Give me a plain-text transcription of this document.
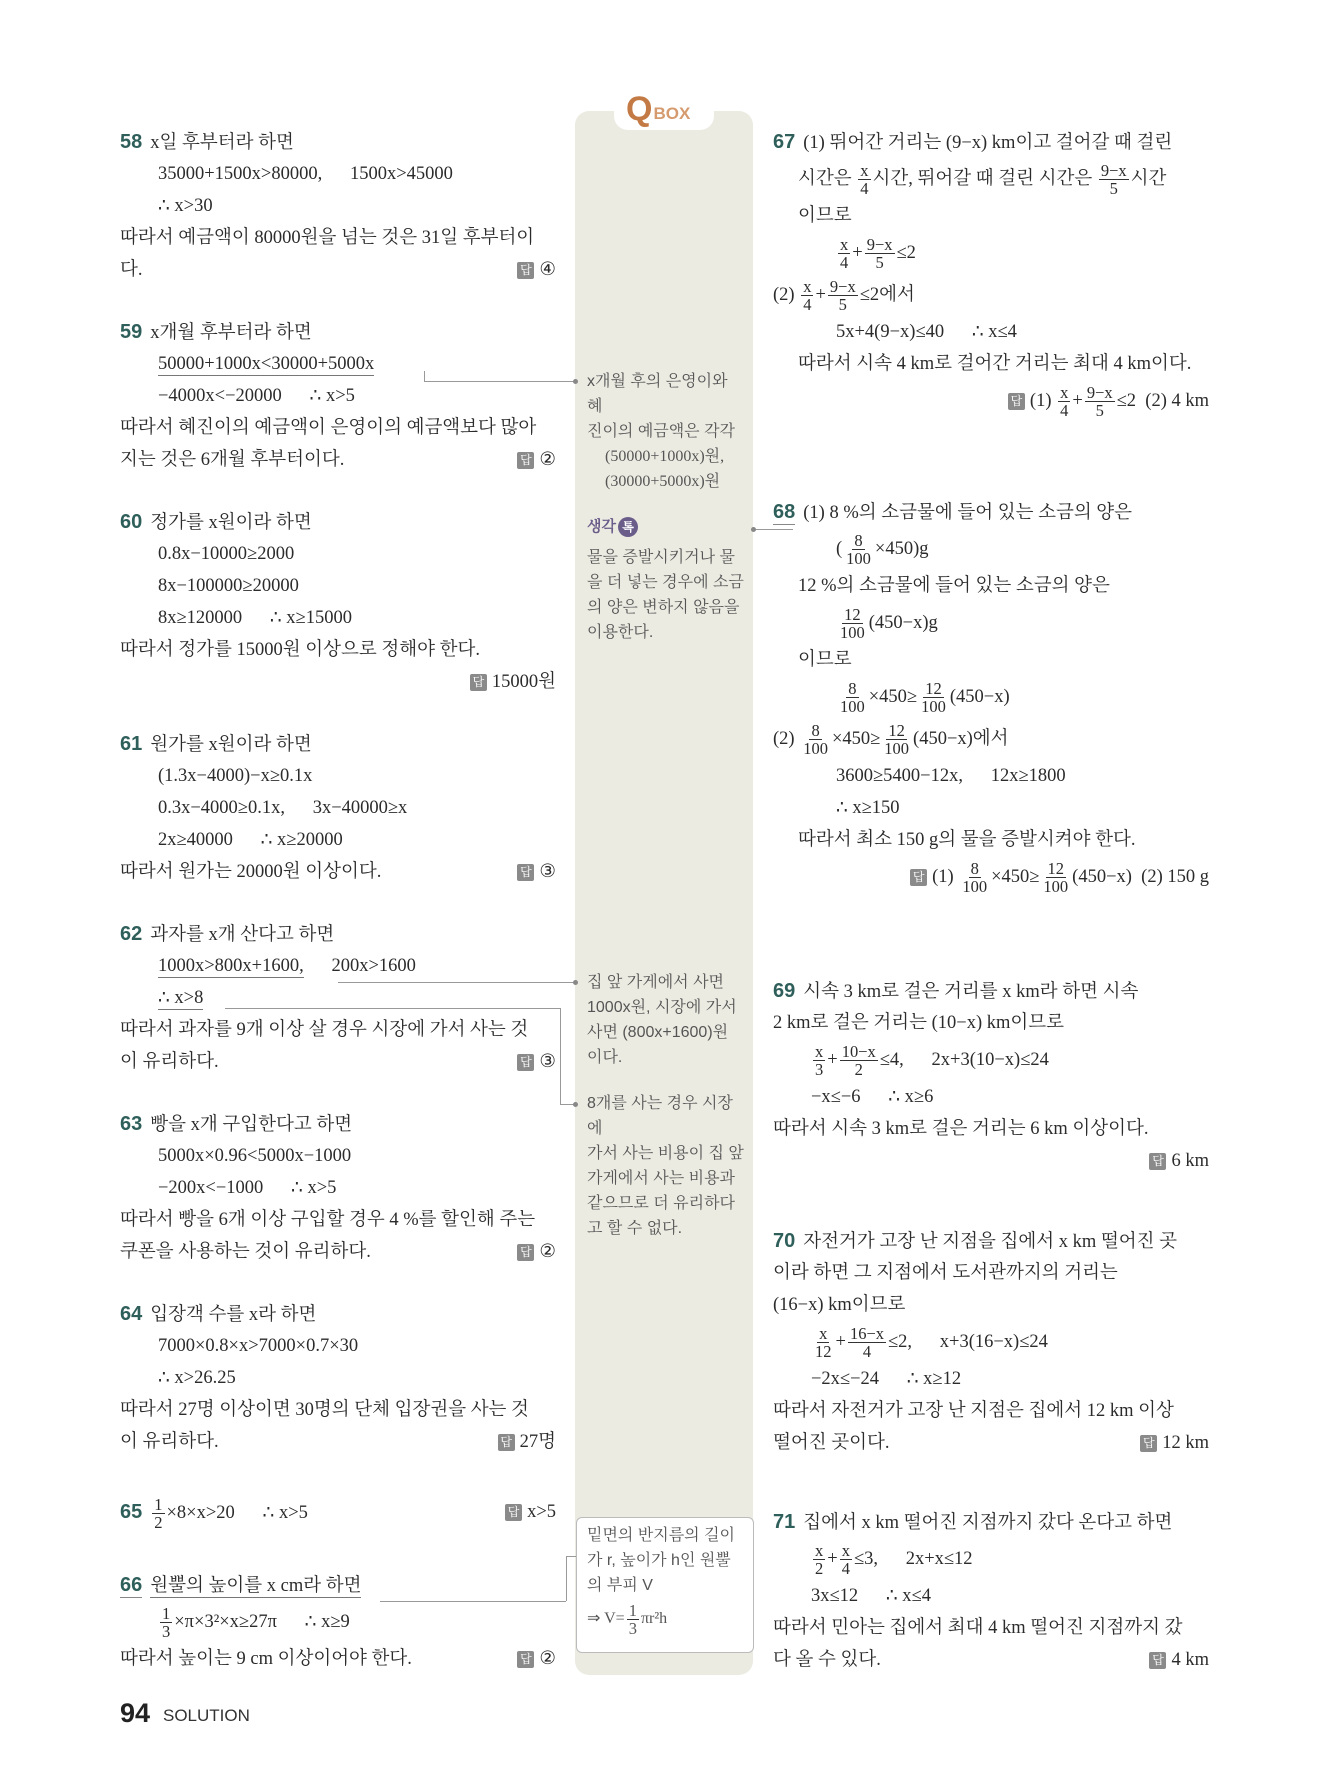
Q BOX
58 x일 후부터라 하면
35000+1500x>80000,      1500x>45000
∴ x>30
따라서 예금액이 80000원을 넘는 것은 31일 후부터이
다.	답 ④
59 x개월 후부터라 하면
50000+1000x<30000+5000x
−4000x<−20000      ∴ x>5
따라서 혜진이의 예금액이 은영이의 예금액보다 많아
지는 것은 6개월 후부터이다.	답 ②
60 정가를 x원이라 하면
0.8x−10000≥2000
8x−100000≥20000
8x≥120000      ∴ x≥15000
따라서 정가를 15000원 이상으로 정해야 한다.
답 15000원
61 원가를 x원이라 하면
(1.3x−4000)−x≥0.1x
0.3x−4000≥0.1x,      3x−40000≥x
2x≥40000      ∴ x≥20000
따라서 원가는 20000원 이상이다.	답 ③
62 과자를 x개 산다고 하면
1000x>800x+1600,      200x>1600
∴ x>8
따라서 과자를 9개 이상 살 경우 시장에 가서 사는 것
이 유리하다.	답 ③
63 빵을 x개 구입한다고 하면
5000x×0.96<5000x−1000
−200x<−1000      ∴ x>5
따라서 빵을 6개 이상 구입할 경우 4 %를 할인해 주는
쿠폰을 사용하는 것이 유리하다.	답 ②
64 입장객 수를 x라 하면
7000×0.8×x>7000×0.7×30
∴ x>26.25
따라서 27명 이상이면 30명의 단체 입장권을 사는 것
이 유리하다.	답 27명
$65 \frac{1}{2} \times 8\times x>20$      ∴ x>5	답 x>5
66 원뿔의 높이를 x cm라 하면
$\frac{1}{3} \times\pi\times 3^2\times x\ge 27\pi$      ∴ x≥9
따라서 높이는 9 cm 이상이어야 한다.	답 ②
67 (1) 뛰어간 거리는 (9−x) km이고 걸어갈 때 걸린
시간은 $\frac{x}{4}$ 시간, 뛰어갈 때 걸린 시간은 $\frac{9-x}{5}$ 시간
이므로
$\frac{x}{4} + \frac{9-x}{5} \le 2$
$(2) \frac{x}{4} + \frac{9-x}{5} \le 2$에서
5x+4(9−x)≤40      ∴ x≤4
따라서 시속 4 km로 걸어간 거리는 최대 4 km이다.
답 $(1) \frac{x}{4} + \frac{9-x}{5} \le 2$  (2) 4 km
68 (1) 8 %의 소금물에 들어 있는 소금의 양은
( $\frac{8}{100} \times 450)g$
12 %의 소금물에 들어 있는 소금의 양은
$\frac{12}{100} (450-x)g$
이므로
$\frac{8}{100} \times 450\ge \frac{12}{100} (450-x)$
$(2) \frac{8}{100} \times 450\ge \frac{12}{100} (450-x)$에서
3600≥5400−12x,      12x≥1800
∴ x≥150
따라서 최소 150 g의 물을 증발시켜야 한다.
답 $(1) \frac{8}{100} \times 450\ge \frac{12}{100} (450-x)$  (2) 150 g
69 시속 3 km로 걸은 거리를 x km라 하면 시속
2 km로 걸은 거리는 (10−x) km이므로
$\frac{x}{3} + \frac{10-x}{2} \le 4$,      2x+3(10−x)≤24
−x≤−6      ∴ x≥6
따라서 시속 3 km로 걸은 거리는 6 km 이상이다.
답 6 km
70 자전거가 고장 난 지점을 집에서 x km 떨어진 곳
이라 하면 그 지점에서 도서관까지의 거리는
(16−x) km이므로
$\frac{x}{12} + \frac{16-x}{4} \le 2$,      x+3(16−x)≤24
−2x≤−24      ∴ x≥12
따라서 자전거가 고장 난 지점은 집에서 12 km 이상
떨어진 곳이다.	답 12 km
71 집에서 x km 떨어진 지점까지 갔다 온다고 하면
$\frac{x}{2} + \frac{x}{4} \le 3$,      2x+x≤12
3x≤12      ∴ x≤4
따라서 민아는 집에서 최대 4 km 떨어진 지점까지 갔
다 올 수 있다.	답 4 km
x개월 후의 은영이와 혜
진이의 예금액은 각각
(50000+1000x)원,
(30000+5000x)원
생각 톡
물을 증발시키거나 물
을 더 넣는 경우에 소금
의 양은 변하지 않음을
이용한다.
집 앞 가게에서 사면
1000x원, 시장에 가서
사면 (800x+1600)원
이다.
8개를 사는 경우 시장에
가서 사는 비용이 집 앞
가게에서 사는 비용과
같으므로 더 유리하다
고 할 수 없다.
밑면의 반지름의 길이
가 r, 높이가 h인 원뿔
의 부피 V
⇒ $V= \frac{1}{3} \pi r^2h$
94 SOLUTION
